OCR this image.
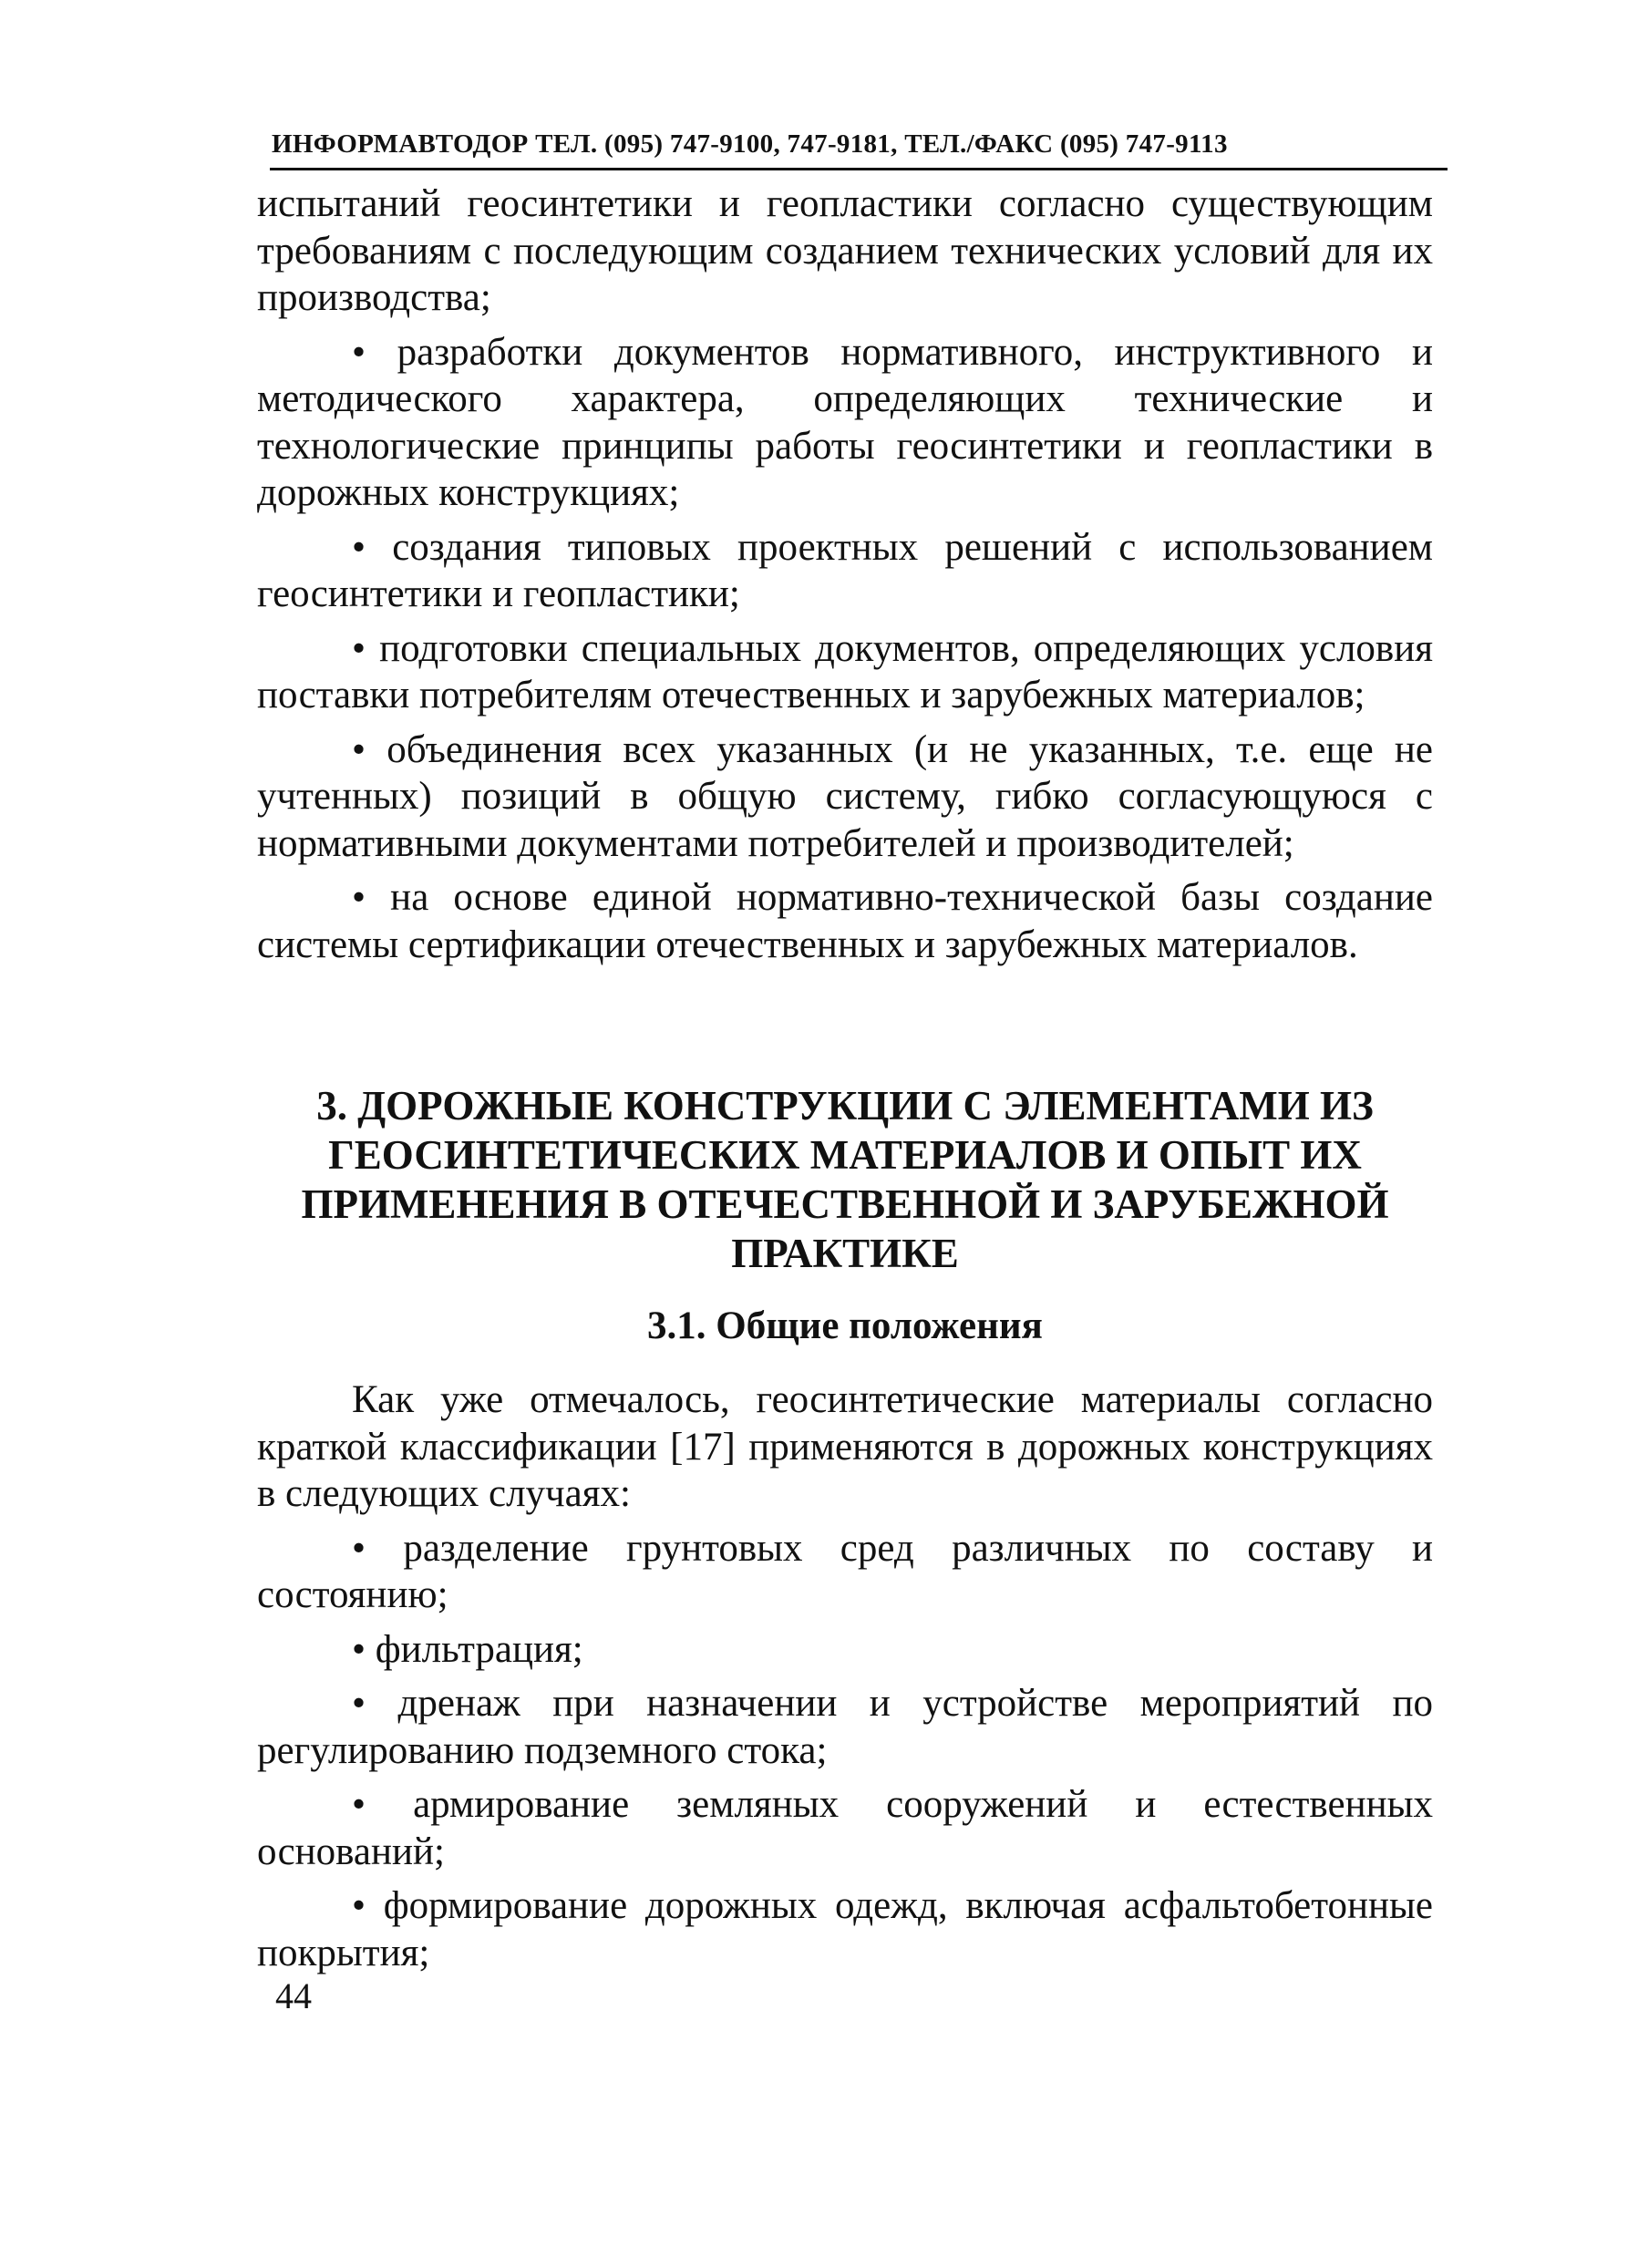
ИНФОРМАВТОДОР ТЕЛ. (095) 747-9100, 747-9181, ТЕЛ./ФАКС (095) 747-9113

испытаний геосинтетики и геопластики согласно существующим требованиям с последующим созданием технических условий для их производства;

• разработки документов нормативного, инструктивного и методического характера, определяющих технические и технологические принципы работы геосинтетики и геопластики в дорожных конструкциях;

• создания типовых проектных решений с использованием геосинтетики и геопластики;

• подготовки специальных документов, определяющих условия поставки потребителям отечественных и зарубежных материалов;

• объединения всех указанных (и не указанных, т.е. еще не учтенных) позиций в общую систему, гибко согласующуюся с нормативными документами потребителей и производителей;

• на основе единой нормативно-технической базы создание системы сертификации отечественных и зарубежных материалов.

3. ДОРОЖНЫЕ КОНСТРУКЦИИ С ЭЛЕМЕНТАМИ ИЗ ГЕОСИНТЕТИЧЕСКИХ МАТЕРИАЛОВ И ОПЫТ ИХ ПРИМЕНЕНИЯ В ОТЕЧЕСТВЕННОЙ И ЗАРУБЕЖНОЙ ПРАКТИКЕ
3.1. Общие положения

Как уже отмечалось, геосинтетические материалы согласно краткой классификации [17] применяются в дорожных конструкциях в следующих случаях:

• разделение грунтовых сред различных по составу и состоянию;

• фильтрация;

• дренаж при назначении и устройстве мероприятий по регулированию подземного стока;

• армирование земляных сооружений и естественных оснований;

• формирование дорожных одежд, включая асфальтобетонные покрытия;

44
